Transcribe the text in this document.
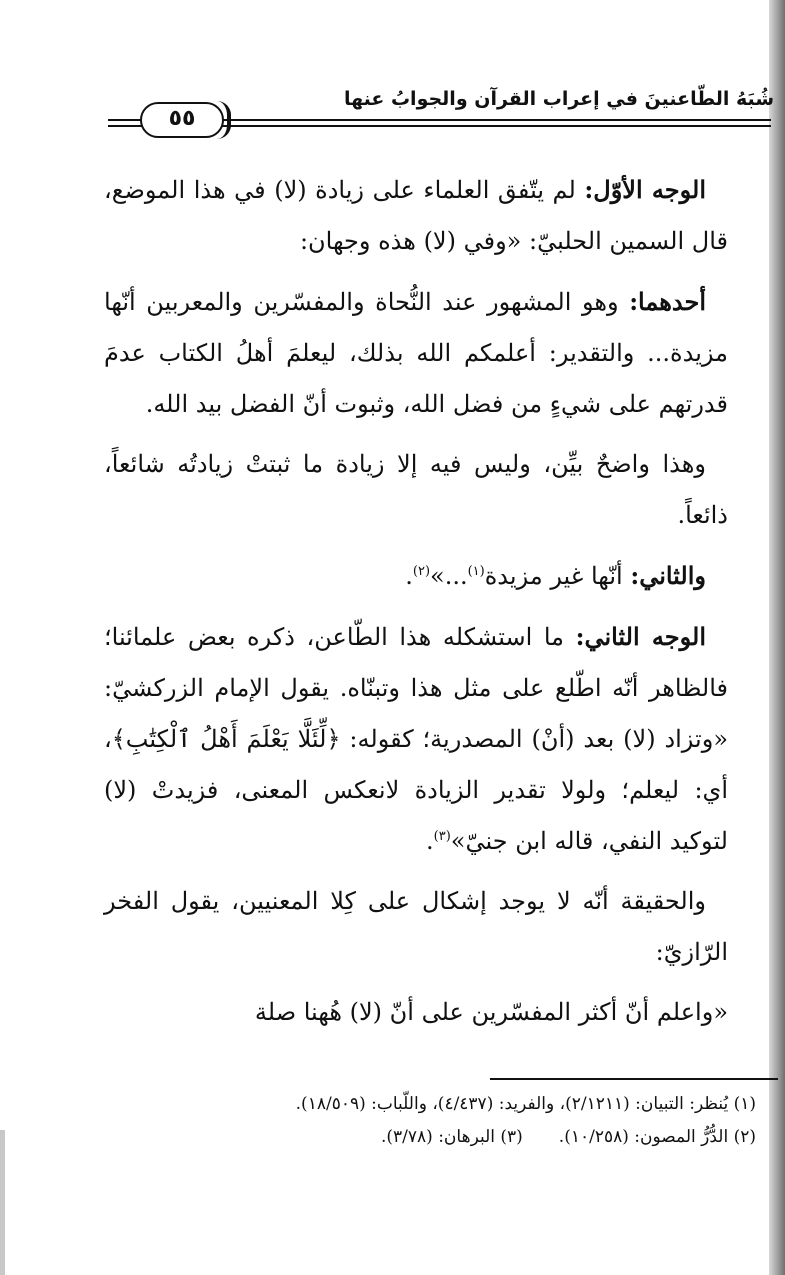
شُبَهُ الطّاعنينَ في إعراب القرآن والجوابُ عنها
٥٥

الوجه الأوّل: لم يتّفق العلماء على زيادة (لا) في هذا الموضع، قال السمين الحلبيّ: «وفي (لا) هذه وجهان:

أحدهما: وهو المشهور عند النُّحاة والمفسّرين والمعربين أنّها مزيدة... والتقدير: أعلمكم الله بذلك، ليعلمَ أهلُ الكتاب عدمَ قدرتهم على شيءٍ من فضل الله، وثبوت أنّ الفضل بيد الله.

وهذا واضحٌ بيِّن، وليس فيه إلا زيادة ما ثبتتْ زيادتُه شائعاً، ذائعاً.

والثاني: أنّها غير مزيدة$^{(١)}$...»$^{(٢)}$.

الوجه الثاني: ما استشكله هذا الطّاعن، ذكره بعض علمائنا؛ فالظاهر أنّه اطّلع على مثل هذا وتبنّاه. يقول الإمام الزركشيّ: «وتزاد (لا) بعد (أنْ) المصدرية؛ كقوله: ﴿لِّئَلَّا يَعْلَمَ أَهْلُ ٱلْكِتَٰبِ﴾، أي: ليعلم؛ ولولا تقدير الزيادة لانعكس المعنى، فزيدتْ (لا) لتوكيد النفي، قاله ابن جنيّ»$^{(٣)}$.

والحقيقة أنّه لا يوجد إشكال على كِلا المعنيين، يقول الفخر الرّازيّ:

«واعلم أنّ أكثر المفسّرين على أنّ (لا) هُهنا صلة

(١) يُنظر: التبيان: (٢/١٢١١)، والفريد: (٤/٤٣٧)، واللّباب: (١٨/٥٠٩).

(٢) الدُّرُّ المصون: (١٠/٢٥٨).(٣) البرهان: (٣/٧٨).
